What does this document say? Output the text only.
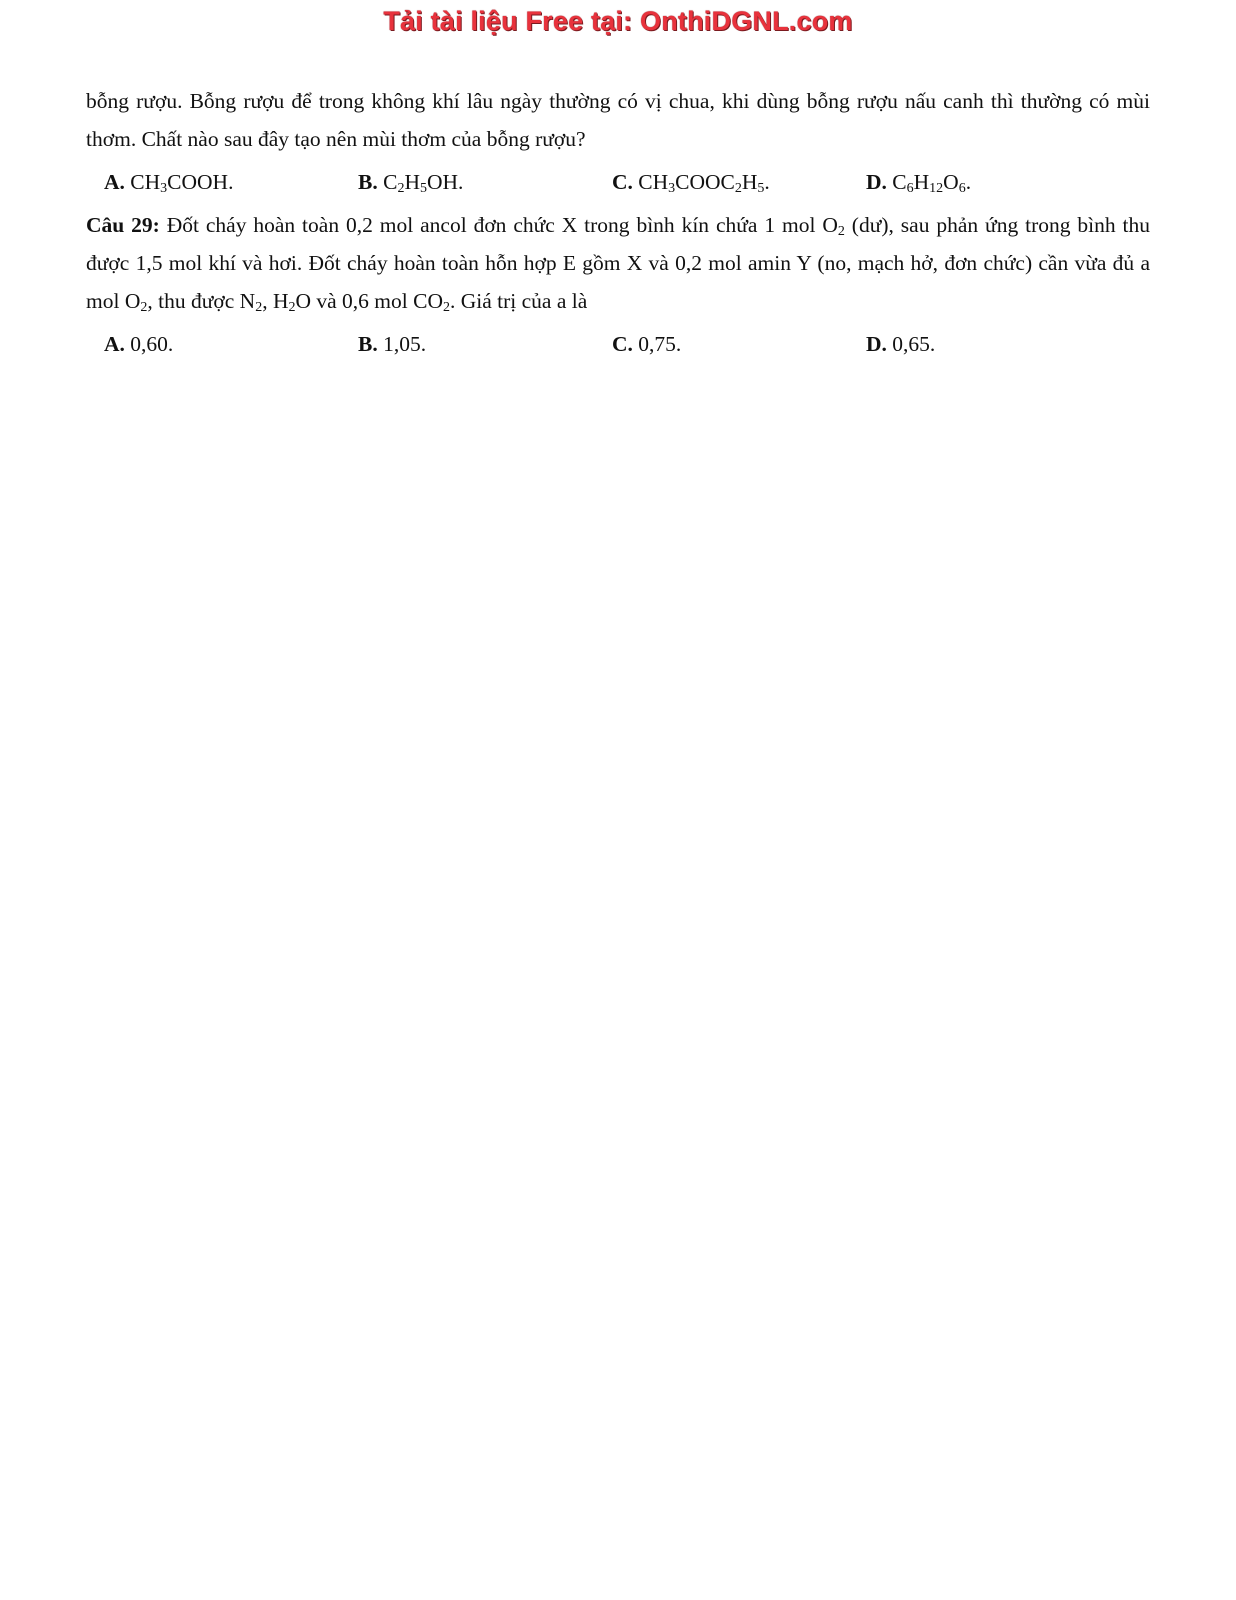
Tải tài liệu Free tại: OnthiDGNL.com

bỗng rượu. Bỗng rượu để trong không khí lâu ngày thường có vị chua, khi dùng bỗng rượu nấu canh thì thường có mùi thơm. Chất nào sau đây tạo nên mùi thơm của bỗng rượu?

A. $CH_3COOH$.	B. $C_2H_5OH$.	C. $CH_3COOC_2H_5$.	D. $C_6H_{12}O_6$.

Câu 29: Đốt cháy hoàn toàn 0,2 mol ancol đơn chức X trong bình kín chứa 1 mol $O_2$ (dư), sau phản ứng trong bình thu được 1,5 mol khí và hơi. Đốt cháy hoàn toàn hỗn hợp E gồm X và 0,2 mol amin Y (no, mạch hở, đơn chức) cần vừa đủ a mol $O_2$, thu được $N_2$, $H_2O$ và 0,6 mol $CO_2$. Giá trị của a là

A. 0,60.	B. 1,05.	C. 0,75.	D. 0,65.
